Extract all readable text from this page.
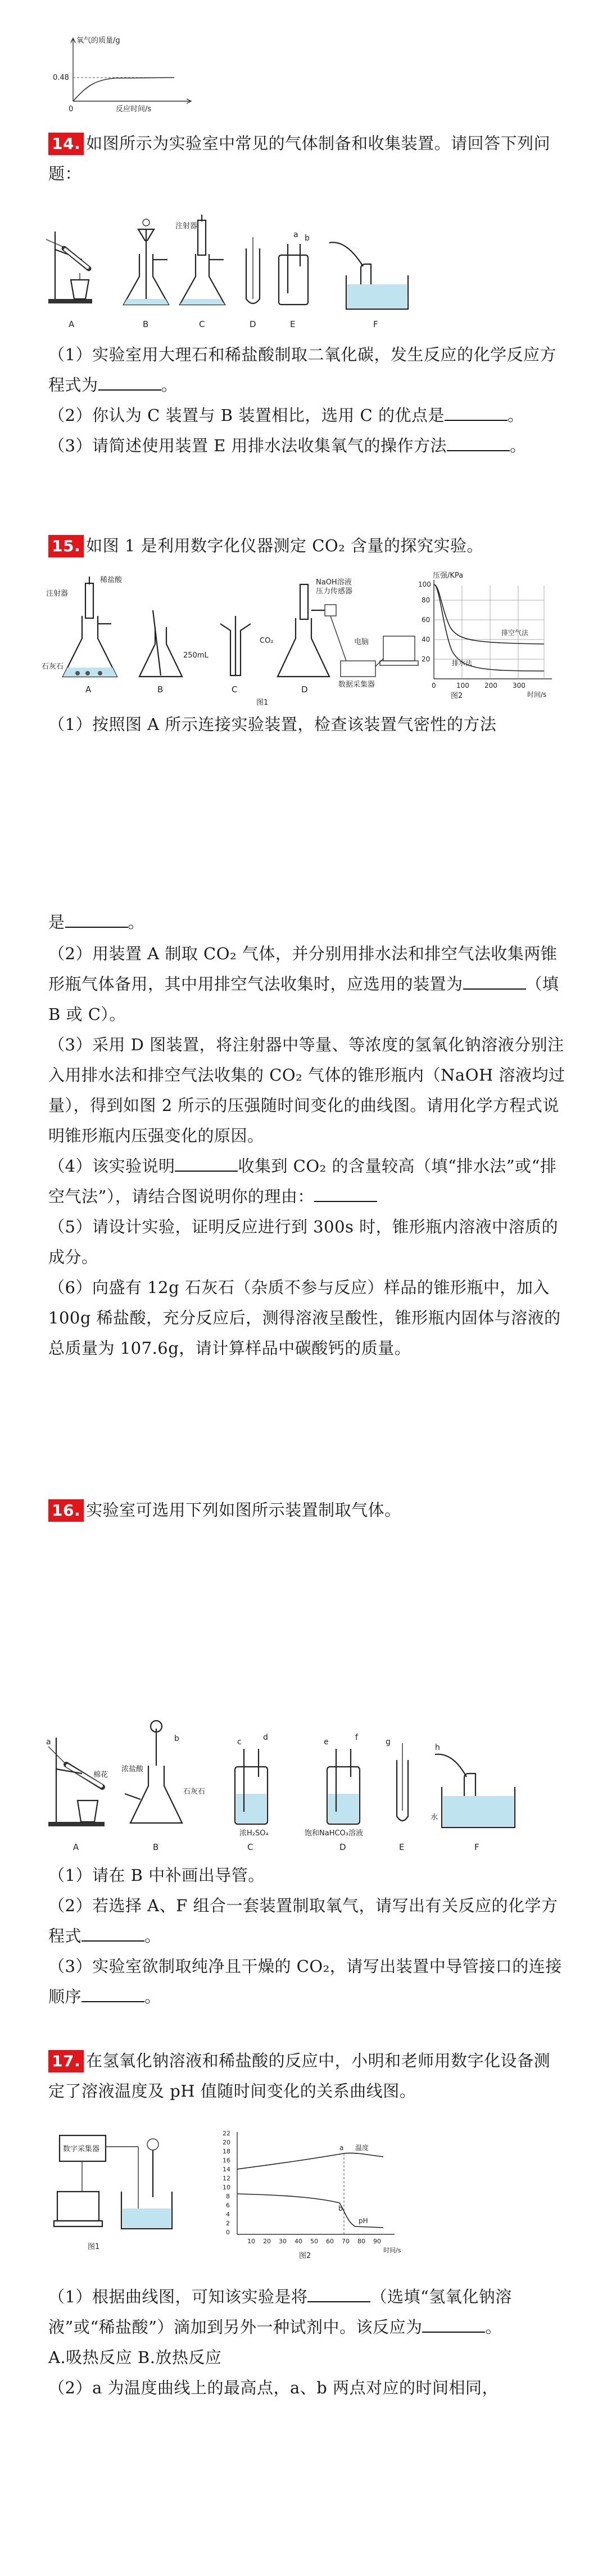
氧气的质量/g
0.48
0	反应时间/s

14. 如图所示为实验室中常见的气体制备和收集装置。请回答下列问题：

注射器
a b
A	B	C	D	E	F

（1）实验室用大理石和稀盐酸制取二氧化碳，发生反应的化学反应方程式为	。

（2）你认为 C 装置与 B 装置相比，选用 C 的优点是	。

（3）请简述使用装置 E 用排水法收集氧气的操作方法	。

15. 如图 1 是利用数字化仪器测定 CO₂ 含量的探究实验。

注射器
稀盐酸
石灰石
250mL
NaOH溶液
压力传感器
CO₂
数据采集器
电脑
A	B	C	D
图1
压强/KPa
100
80
60
40
20
0	100 200 300
时间/s
排空气法
排水法
图2

（1）按照图 A 所示连接实验装置，检查该装置气密性的方法

是	。

（2）用装置 A 制取 CO₂ 气体，并分别用排水法和排空气法收集两锥形瓶气体备用，其中用排空气法收集时，应选用的装置为	（填 B 或 C）。

（3）采用 D 图装置，将注射器中等量、等浓度的氢氧化钠溶液分别注入用排水法和排空气法收集的 CO₂ 气体的锥形瓶内（NaOH 溶液均过量），得到如图 2 所示的压强随时间变化的曲线图。请用化学方程式说明锥形瓶内压强变化的原因。

（4）该实验说明	收集到 CO₂ 的含量较高（填“排水法”或“排空气法”），请结合图说明你的理由：

（5）请设计实验，证明反应进行到 300s 时，锥形瓶内溶液中溶质的成分。

（6）向盛有 12g 石灰石（杂质不参与反应）样品的锥形瓶中，加入 100g 稀盐酸，充分反应后，测得溶液呈酸性，锥形瓶内固体与溶液的总质量为 107.6g，请计算样品中碳酸钙的质量。

16. 实验室可选用下列如图所示装置制取气体。

a
棉花
浓盐酸
石灰石
b	c	d
浓H₂SO₄
e	f
饱和NaHCO₃溶液
g
h
水
A	B	C	D	E	F

（1）请在 B 中补画出导管。

（2）若选择 A、F 组合一套装置制取氧气，请写出有关反应的化学方程式	。

（3）实验室欲制取纯净且干燥的 CO₂，请写出装置中导管接口的连接顺序	。

17. 在氢氧化钠溶液和稀盐酸的反应中，小明和老师用数字化设备测定了溶液温度及 pH 值随时间变化的关系曲线图。

数字采集器
图1
温度
pH
a
b
22
20
18
16
14
12
10
8
6
4
2
0
10 20 30 40 50 60 70 80 90
时间/s
图2

（1）根据曲线图，可知该实验是将	（选填“氢氧化钠溶液”或“稀盐酸”）滴加到另外一种试剂中。该反应为	。

A.吸热反应 B.放热反应

（2）a 为温度曲线上的最高点，a、b 两点对应的时间相同，
